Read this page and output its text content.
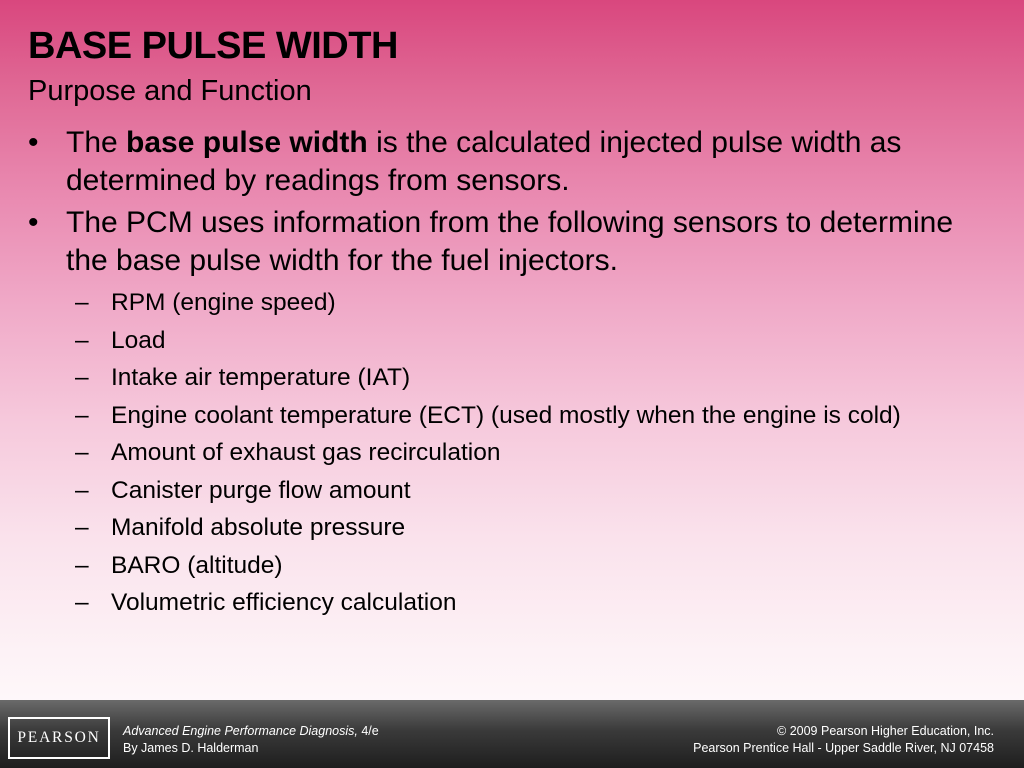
BASE PULSE WIDTH
Purpose and Function
• The base pulse width is the calculated injected pulse width as determined by readings from sensors.
• The PCM uses information from the following sensors to determine the base pulse width for the fuel injectors.
– RPM (engine speed)
– Load
– Intake air temperature (IAT)
– Engine coolant temperature (ECT) (used mostly when the engine is cold)
– Amount of exhaust gas recirculation
– Canister purge flow amount
– Manifold absolute pressure
– BARO (altitude)
– Volumetric efficiency calculation
PEARSON	Advanced Engine Performance Diagnosis, 4/e
By James D. Halderman
© 2009 Pearson Higher Education, Inc.
Pearson Prentice Hall - Upper Saddle River, NJ 07458
